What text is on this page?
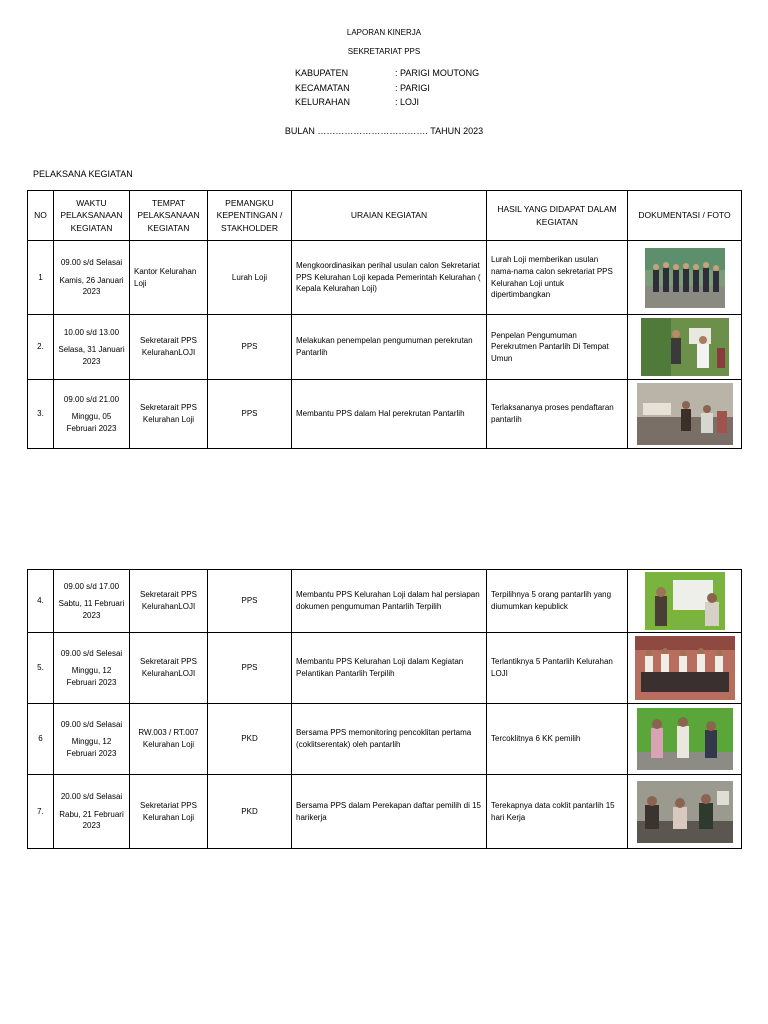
LAPORAN KINERJA
SEKRETARIAT PPS
KABUPATEN	: PARIGI MOUTONG
KECAMATAN	: PARIGI
KELURAHAN	: LOJI
BULAN ………………………………. TAHUN 2023
PELAKSANA KEGIATAN
NO	WAKTU PELAKSANAAN KEGIATAN	TEMPAT PELAKSANAAN KEGIATAN	PEMANGKU KEPENTINGAN / STAKHOLDER	URAIAN KEGIATAN	HASIL YANG DIDAPAT DALAM KEGIATAN	DOKUMENTASI / FOTO
1	09.00 s/d Selasai
Kamis, 26 Januari 2023	Kantor Kelurahan Loji	Lurah Loji	Mengkoordinasikan perihal usulan calon Sekretariat PPS Kelurahan Loji kepada Pemerintah Kelurahan ( Kepala Kelurahan Loji)	Lurah Loji memberikan usulan nama-nama calon sekretariat PPS Kelurahan Loji untuk dipertimbangkan	

2.	10.00 s/d 13.00
Selasa, 31 Januari 2023	Sekretarait PPS KelurahanLOJI	PPS	Melakukan penempelan pengumuman perekrutan Pantarlih	Penpelan Pengumuman Perekrutmen Pantarlih Di Tempat Umun	

3.	09.00 s/d 21.00
Minggu, 05 Februari 2023	Sekretarait PPS Kelurahan Loji	PPS	Membantu PPS dalam Hal perekrutan Pantarlih	Terlaksananya proses pendaftaran pantarlih	
4.	09.00 s/d 17.00
Sabtu, 11 Februari 2023	Sekretarait PPS KelurahanLOJI	PPS	Membantu PPS Kelurahan Loji dalam hal persiapan dokumen pengumuman Pantarlih Terpilih	Terpilihnya 5 orang pantarlih yang diumumkan kepublick	

5.	09.00 s/d Selesai
Minggu, 12 Februari 2023	Sekretarait PPS KelurahanLOJI	PPS	Membantu PPS Kelurahan Loji dalam Kegiatan Pelantikan Pantarlih Terpilih	Terlantiknya 5 Pantarlih Kelurahan LOJI	

6	09.00 s/d Selasai
Minggu, 12 Februari 2023	RW.003 / RT.007 Kelurahan Loji	PKD	Bersama PPS memonitoring pencoklitan pertama (coklitserentak) oleh pantarlih	Tercoklitnya 6 KK pemilih	

7.	20.00 s/d Selasai
Rabu, 21 Februari 2023	Sekretariat PPS Kelurahan Loji	PKD	Bersama PPS dalam Perekapan daftar pemilih di 15 harikerja	Terekapnya data coklit pantarlih 15 hari Kerja	
